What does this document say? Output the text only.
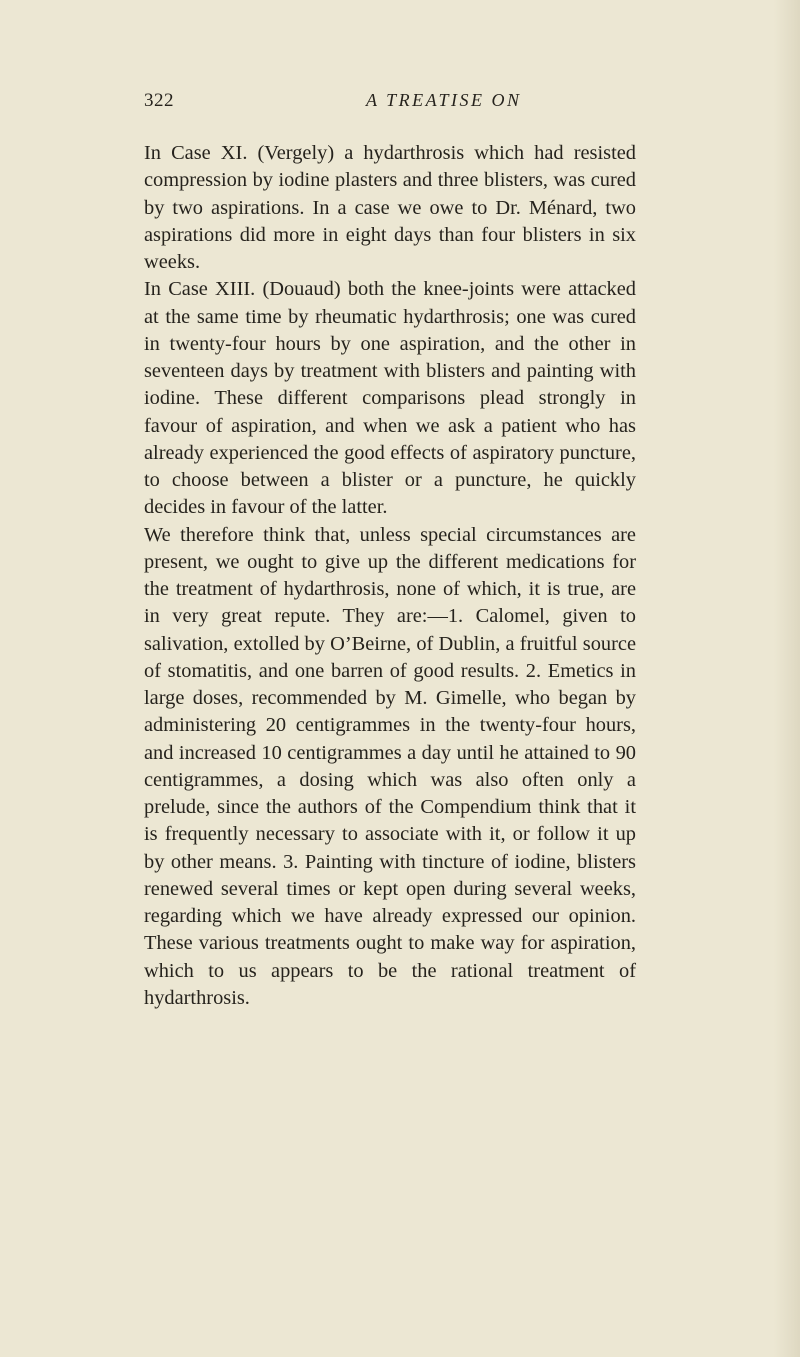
322	A TREATISE ON

In Case XI. (Vergely) a hydarthrosis which had resisted compression by iodine plasters and three blisters, was cured by two aspirations. In a case we owe to Dr. Ménard, two aspirations did more in eight days than four blisters in six weeks.

In Case XIII. (Douaud) both the knee-joints were attacked at the same time by rheumatic hydarthrosis; one was cured in twenty-four hours by one aspiration, and the other in seventeen days by treatment with blisters and painting with iodine. These different comparisons plead strongly in favour of aspiration, and when we ask a patient who has already experienced the good effects of aspiratory puncture, to choose between a blister or a puncture, he quickly decides in favour of the latter.

We therefore think that, unless special circumstances are present, we ought to give up the different medications for the treatment of hydarthrosis, none of which, it is true, are in very great repute. They are:—1. Calomel, given to salivation, extolled by O’Beirne, of Dublin, a fruitful source of stomatitis, and one barren of good results. 2. Emetics in large doses, recommended by M. Gimelle, who began by administering 20 centigrammes in the twenty-four hours, and increased 10 centigrammes a day until he attained to 90 centigrammes, a dosing which was also often only a prelude, since the authors of the Compendium think that it is frequently necessary to associate with it, or follow it up by other means. 3. Painting with tincture of iodine, blisters renewed several times or kept open during several weeks, regarding which we have already expressed our opinion. These various treatments ought to make way for aspiration, which to us appears to be the rational treatment of hydarthrosis.
